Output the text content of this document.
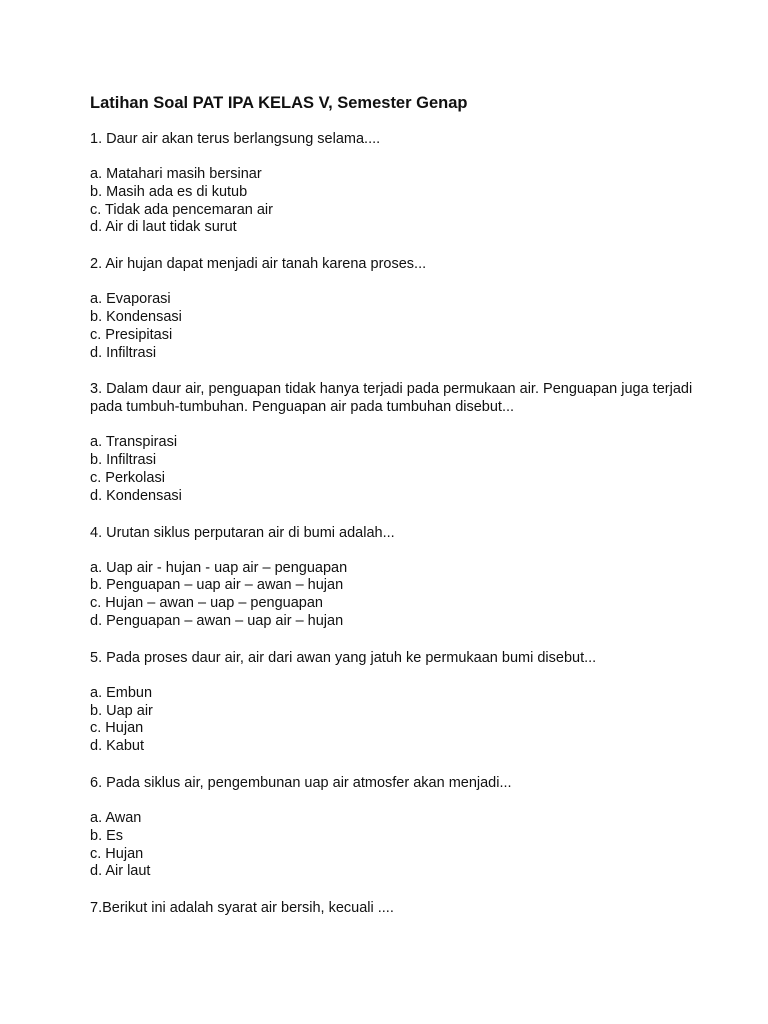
Latihan Soal PAT IPA KELAS V, Semester Genap
1. Daur air akan terus berlangsung selama....
a. Matahari masih bersinar
b. Masih ada es di kutub
c. Tidak ada pencemaran air
d. Air di laut tidak surut
2. Air hujan dapat menjadi air tanah karena proses...
a. Evaporasi
b. Kondensasi
c. Presipitasi
d. Infiltrasi
3. Dalam daur air, penguapan tidak hanya terjadi pada permukaan air. Penguapan juga terjadi pada tumbuh-tumbuhan. Penguapan air pada tumbuhan disebut...
a. Transpirasi
b. Infiltrasi
c. Perkolasi
d. Kondensasi
4. Urutan siklus perputaran air di bumi adalah...
a. Uap air - hujan - uap air – penguapan
b. Penguapan – uap air – awan – hujan
c. Hujan – awan – uap – penguapan
d. Penguapan – awan – uap air – hujan
5. Pada proses daur air, air dari awan yang jatuh ke permukaan bumi disebut...
a. Embun
b. Uap air
c. Hujan
d. Kabut
6. Pada siklus air, pengembunan uap air atmosfer akan menjadi...
a. Awan
b. Es
c. Hujan
d. Air laut
7.Berikut ini adalah syarat air bersih, kecuali ....
